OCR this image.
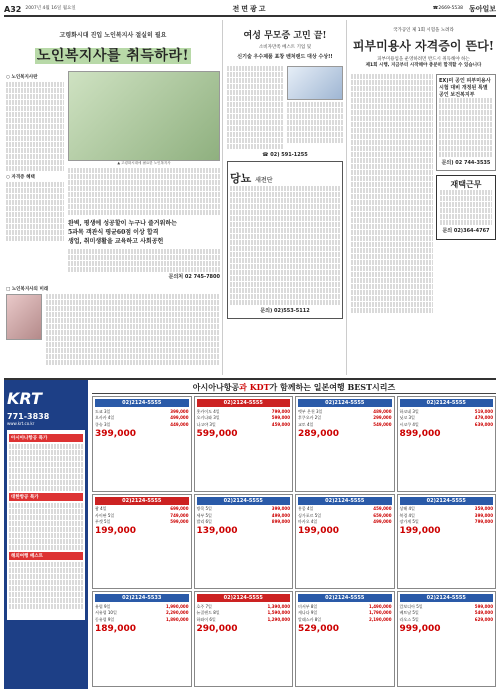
A32 2007년 4월 16일 월요일	전면광고	☎2669-5538 동아일보
고령화시대 진입 노인복지사 절실히 필요
노인복지사를 취득하라!
○ 노인복지사란

○ 자격증 혜택

▲ 고령화시대에 필요한 노인복지사

완벽, 평생에 성공할이 누구나 즐거워하는
5과목 객관식 평균60점 이상 합격
생업, 취미생활을 교육하고 사회공헌

문의처 02 745-7800
□ 노인복지사의 미래

여성 무모증 고민 끝!
소비자만족 베스트 기업 및
신기술 우수제품 표창 벤처랜드 대상 수상!!

☎ 02) 591-1255
당뇨 새전단

문의) 02)553-5112
국가공인 제 1회 시험을 노려라
피부미용사 자격증이 뜬다!
피부미용업을 운영하려면 반드시 취득해야 하는
제1회 시행, 지금부터 시작해야 충분히 합격할 수 있습니다

EX)미 공인 피부미용사 시험 대비 개정된 특별 공인 보건복지부

문의) 02 744-3535
재택근무

문의 02)364-4767
KRT
771-3838
www.krt.co.kr
아시아나항공 특가

대한항공 특가

해외여행 베스트

아시아나항공과 KDT가 함께하는 일본여행 BEST시리즈
02)2124-5555
도쿄 3일	399,000
오사카 4일	499,000
큐슈 3일	449,000
399,000
02)2124-5555
홋카이도 4일	799,000
오키나와 3일	599,000
나고야 3일	459,000
599,000
02)2124-5555
벳부 온천 3일	489,000
후쿠오카 2일	299,000
교토 4일	549,000
289,000
02)2124-5555
하코네 3일	519,000
닛코 3일	479,000
시코쿠 4일	639,000
899,000
02)2124-5555
괌 4일	699,000
사이판 5일	749,000
푸켓 5일	599,000
199,000
02)2124-5555
방콕 5일	399,000
세부 5일	499,000
발리 6일	899,000
139,000
02)2124-5555
홍콩 4일	459,000
싱가포르 5일	659,000
마카오 4일	499,000
199,000
02)2124-5555
상해 4일	359,000
북경 4일	399,000
장가계 5일	799,000
199,000
02)2124-5533
유럽 9일	1,990,000
서유럽 10일	2,290,000
동유럽 9일	1,890,000
189,000
02)2124-5555
호주 7일	1,390,000
뉴질랜드 8일	1,590,000
하와이 6일	1,290,000
290,000
02)2124-5555
미서부 8일	1,490,000
캐나다 9일	1,790,000
알래스카 8일	2,190,000
529,000
02)2124-5555
캄보디아 5일	599,000
베트남 5일	549,000
라오스 5일	629,000
999,000
